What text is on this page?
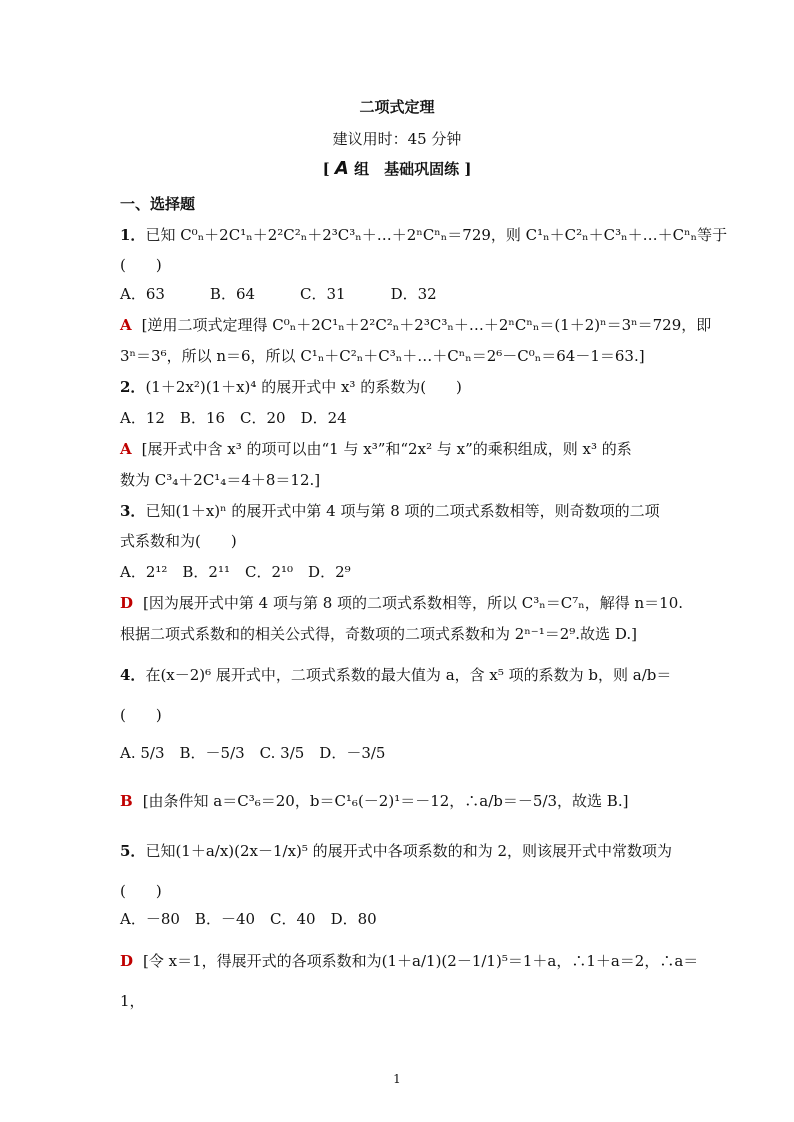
二项式定理
建议用时：45 分钟
[ A 组　基础巩固练 ]
一、选择题
1．已知 C⁰ₙ＋2C¹ₙ＋2²C²ₙ＋2³C³ₙ＋…＋2ⁿCⁿₙ＝729，则 C¹ₙ＋C²ₙ＋C³ₙ＋…＋Cⁿₙ等于
(　　)
A．63　　　B．64　　　C．31　　　D．32
A [逆用二项式定理得 C⁰ₙ＋2C¹ₙ＋2²C²ₙ＋2³C³ₙ＋…＋2ⁿCⁿₙ＝(1＋2)ⁿ＝3ⁿ＝729，即
3ⁿ＝3⁶，所以 n＝6，所以 C¹ₙ＋C²ₙ＋C³ₙ＋…＋Cⁿₙ＝2⁶－C⁰ₙ＝64－1＝63.]
2．(1＋2x²)(1＋x)⁴ 的展开式中 x³ 的系数为(　　)
A．12　B．16　C．20　D．24
A [展开式中含 x³ 的项可以由“1 与 x³”和“2x² 与 x”的乘积组成，则 x³ 的系
数为 C³₄＋2C¹₄＝4＋8＝12.]
3．已知(1＋x)ⁿ 的展开式中第 4 项与第 8 项的二项式系数相等，则奇数项的二项
式系数和为(　　)
A．2¹²　B．2¹¹　C．2¹⁰　D．2⁹
D [因为展开式中第 4 项与第 8 项的二项式系数相等，所以 C³ₙ＝C⁷ₙ，解得 n＝10.
根据二项式系数和的相关公式得，奇数项的二项式系数和为 2ⁿ⁻¹＝2⁹.故选 D.]
4．在(x－2)⁶ 展开式中，二项式系数的最大值为 a，含 x⁵ 项的系数为 b，则 a/b＝
(　　)
A. 5/3　B．－5/3　C. 3/5　D．－3/5
B [由条件知 a＝C³₆＝20，b＝C¹₆(－2)¹＝－12，∴a/b＝－5/3，故选 B.]
5．已知(1＋a/x)(2x－1/x)⁵ 的展开式中各项系数的和为 2，则该展开式中常数项为
(　　)
A．－80　B．－40　C．40　D．80
D [令 x＝1，得展开式的各项系数和为(1＋a/1)(2－1/1)⁵＝1＋a，∴1＋a＝2，∴a＝
1，
1
